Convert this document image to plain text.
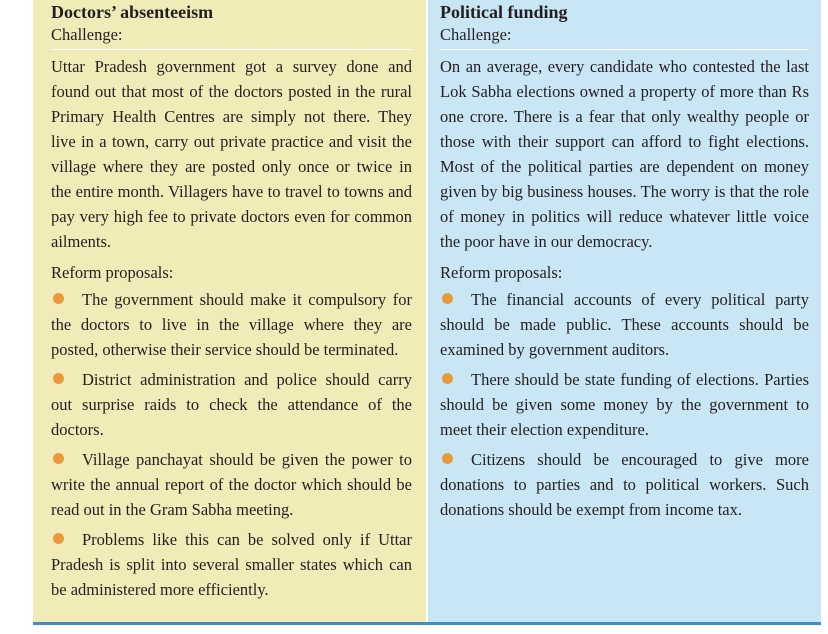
Doctors’ absenteeism

Challenge:

Uttar Pradesh government got a survey done and found out that most of the doctors posted in the rural Primary Health Centres are simply not there. They live in a town, carry out private practice and visit the village where they are posted only once or twice in the entire month. Villagers have to travel to towns and pay very high fee to private doctors even for common ailments.

Reform proposals:

The government should make it compulsory for the doctors to live in the village where they are posted, otherwise their service should be terminated.

District administration and police should carry out surprise raids to check the attendance of the doctors.

Village panchayat should be given the power to write the annual report of the doctor which should be read out in the Gram Sabha meeting.

Problems like this can be solved only if Uttar Pradesh is split into several smaller states which can be administered more efficiently.

Political funding

Challenge:

On an average, every candidate who contested the last Lok Sabha elections owned a property of more than Rs one crore. There is a fear that only wealthy people or those with their support can afford to fight elections. Most of the political parties are dependent on money given by big business houses. The worry is that the role of money in politics will reduce whatever little voice the poor have in our democracy.

Reform proposals:

The financial accounts of every political party should be made public. These accounts should be examined by government auditors.

There should be state funding of elections. Parties should be given some money by the government to meet their election expenditure.

Citizens should be encouraged to give more donations to parties and to political workers. Such donations should be exempt from income tax.
